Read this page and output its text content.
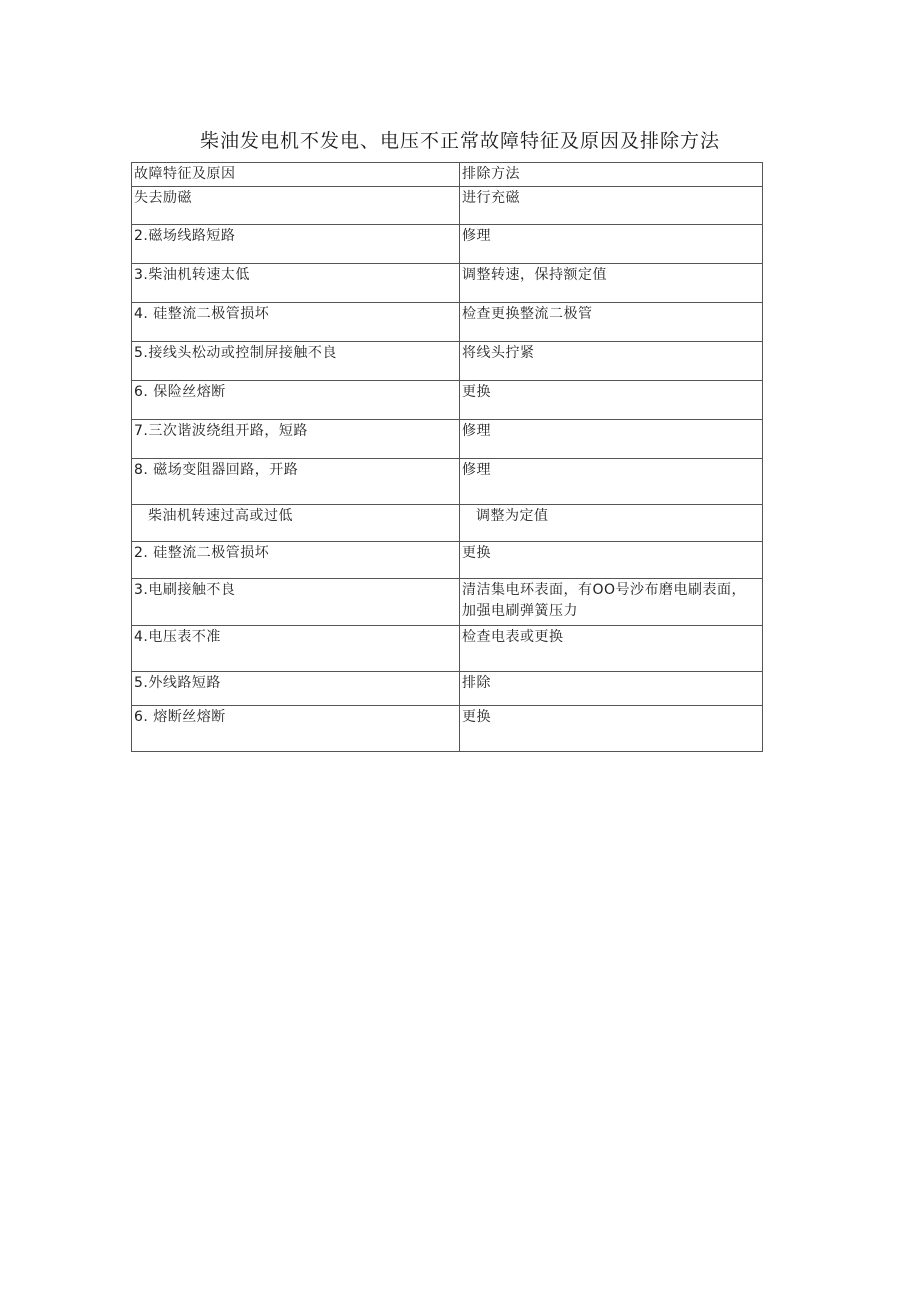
柴油发电机不发电、电压不正常故障特征及原因及排除方法
故障特征及原因	排除方法
失去励磁	进行充磁
2.磁场线路短路	修理
3.柴油机转速太低	调整转速，保持额定值
4. 硅整流二极管损坏	检查更换整流二极管
5.接线头松动或控制屏接触不良	将线头拧紧
6. 保险丝熔断	更换
7.三次谐波绕组开路，短路	修理
8. 磁场变阻器回路，开路	修理
柴油机转速过高或过低	调整为定值
2. 硅整流二极管损坏	更换
3.电刷接触不良	清洁集电环表面，有OO号沙布磨电刷表面，加强电刷弹簧压力
4.电压表不准	检查电表或更换
5.外线路短路	排除
6. 熔断丝熔断	更换
